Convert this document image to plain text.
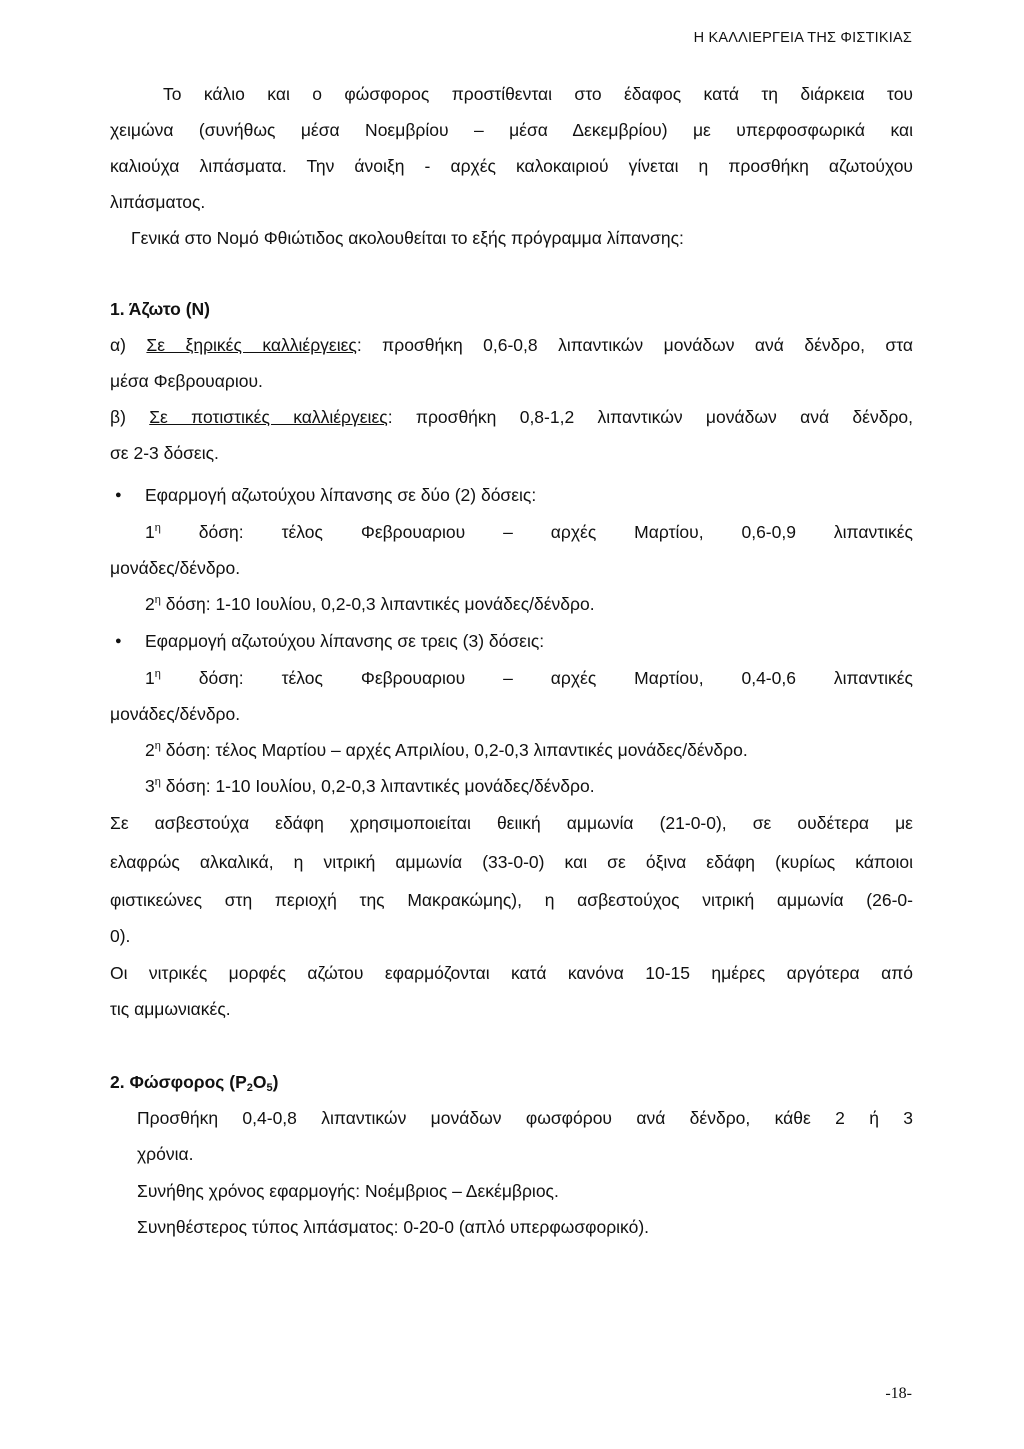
Η ΚΑΛΛΙΕΡΓΕΙΑ ΤΗΣ ΦΙΣΤΙΚΙΑΣ
Το κάλιο και ο φώσφορος προστίθενται στο έδαφος κατά τη διάρκεια του
χειμώνα (συνήθως μέσα Νοεμβρίου – μέσα Δεκεμβρίου) με υπερφοσφωρικά και
καλιούχα λιπάσματα. Την άνοιξη - αρχές καλοκαιριού γίνεται η προσθήκη αζωτούχου
λιπάσματος.
Γενικά στο Νομό Φθιώτιδος ακολουθείται το εξής πρόγραμμα λίπανσης:
1. Άζωτο (N)
α) Σε ξηρικές καλλιέργειες: προσθήκη 0,6-0,8 λιπαντικών μονάδων ανά δένδρο, στα
μέσα Φεβρουαριου.
β) Σε ποτιστικές καλλιέργειες: προσθήκη 0,8-1,2 λιπαντικών μονάδων ανά δένδρο,
σε 2-3 δόσεις.
● Εφαρμογή αζωτούχου λίπανσης σε δύο (2) δόσεις:
$1^\eta$ δόση: τέλος Φεβρουαριου – αρχές Μαρτίου, 0,6-0,9 λιπαντικές
μονάδες/δένδρο.
$2^\eta$ δόση: 1-10 Ιουλίου, 0,2-0,3 λιπαντικές μονάδες/δένδρο.
● Εφαρμογή αζωτούχου λίπανσης σε τρεις (3) δόσεις:
$1^\eta$ δόση: τέλος Φεβρουαριου – αρχές Μαρτίου, 0,4-0,6 λιπαντικές
μονάδες/δένδρο.
$2^\eta$ δόση: τέλος Μαρτίου – αρχές Απριλίου, 0,2-0,3 λιπαντικές μονάδες/δένδρο.
$3^\eta$ δόση: 1-10 Ιουλίου, 0,2-0,3 λιπαντικές μονάδες/δένδρο.
Σε ασβεστούχα εδάφη χρησιμοποιείται θειική αμμωνία (21-0-0), σε ουδέτερα με
ελαφρώς αλκαλικά, η νιτρική αμμωνία (33-0-0) και σε όξινα εδάφη (κυρίως κάποιοι
φιστικεώνες στη περιοχή της Μακρακώμης), η ασβεστούχος νιτρική αμμωνία (26-0-
0).
Οι νιτρικές μορφές αζώτου εφαρμόζονται κατά κανόνα 10-15 ημέρες αργότερα από
τις αμμωνιακές.
2. Φώσφορος $(P_2O_5)$
Προσθήκη 0,4-0,8 λιπαντικών μονάδων φωσφόρου ανά δένδρο, κάθε 2 ή 3
χρόνια.
Συνήθης χρόνος εφαρμογής: Νοέμβριος – Δεκέμβριος.
Συνηθέστερος τύπος λιπάσματος: 0-20-0 (απλό υπερφωσφορικό).
-18-
